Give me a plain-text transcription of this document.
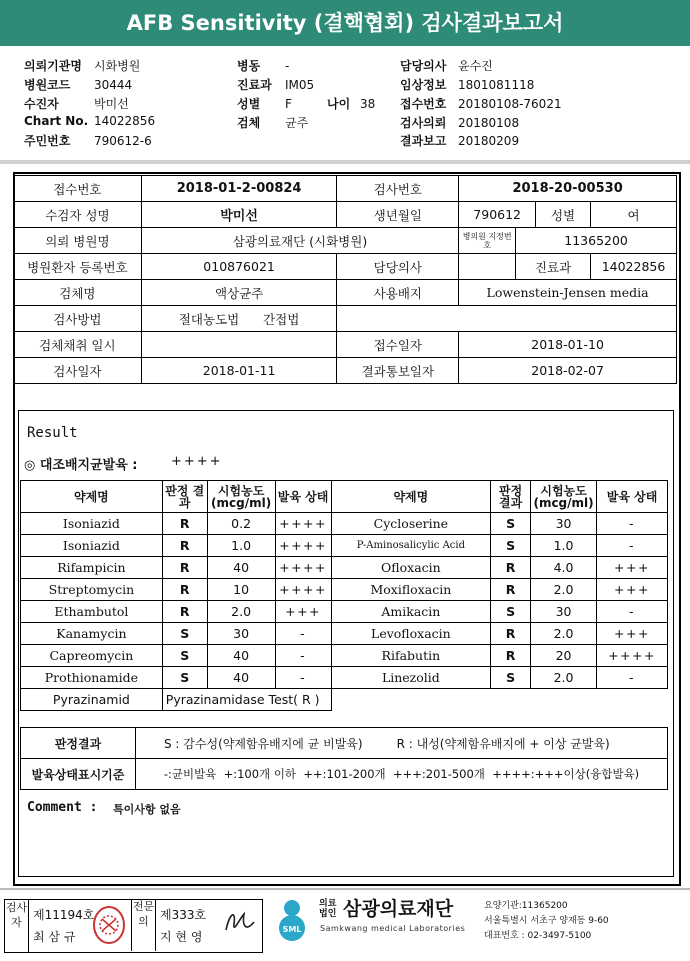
AFB Sensitivity (결핵협회) 검사결과보고서
의뢰기관명 시화병원
병원코드 30444
수진자	박미선
Chart No. 14022856
주민번호 790612-6
병동 -
진료과 IM05
성별 F	나이 38
검체 균주
담당의사 윤수진
임상정보 1801081118
접수번호 20180108-76021
검사의뢰 20180108
결과보고 20180209
접수번호	2018-01-2-00824	검사번호	2018-20-00530			
수검자 성명	박미선	생년월일	790612		성별	여
의뢰 병원명	삼광의료재단 (시화병원)		병의원 지정번호	11365200		
병원환자 등록번호	010876021	담당의사		진료과		14022856
검체명	액상균주	사용배지	Lowenstein-Jensen media			
검사방법	절대농도법 간접법					
검체채취 일시		접수일자	2018-01-10			
검사일자	2018-01-11	결과통보일자	2018-02-07			
Result
◎ 대조배지균발육 :	++++
약제명	판정 결과	시험농도 (mcg/ml)	발육 상태	약제명	판정 결과	시험농도 (mcg/ml)	발육 상태
Isoniazid	R	0.2	++++	Cycloserine	S	30	-
Isoniazid	R	1.0	++++	P-Aminosalicylic Acid	S	1.0	-
Rifampicin	R	40	++++	Ofloxacin	R	4.0	+++
Streptomycin	R	10	++++	Moxifloxacin	R	2.0	+++
Ethambutol	R	2.0	+++	Amikacin	S	30	-
Kanamycin	S	30	-	Levofloxacin	R	2.0	+++
Capreomycin	S	40	-	Rifabutin	R	20	++++
Prothionamide	S	40	-	Linezolid	S	2.0	-
Pyrazinamid	Pyrazinamidase Test( R )						
판정결과	S : 감수성(약제함유배지에 균 비발육) R : 내성(약제함유배지에 + 이상 균발육)
발육상태표시기준	-:균비발육  +:100개 이하  ++:101-200개  +++:201-500개  ++++:+++이상(융합발육)
Comment : 특이사항 없음
검사자
제11194호
최 삼 규
전문의 제333호
지 현 영
SML
의료법인 삼광의료재단
Samkwang medical Laboratories
요양기관:11365200
서울특별시 서초구 양재동 9-60
대표번호 : 02-3497-5100
